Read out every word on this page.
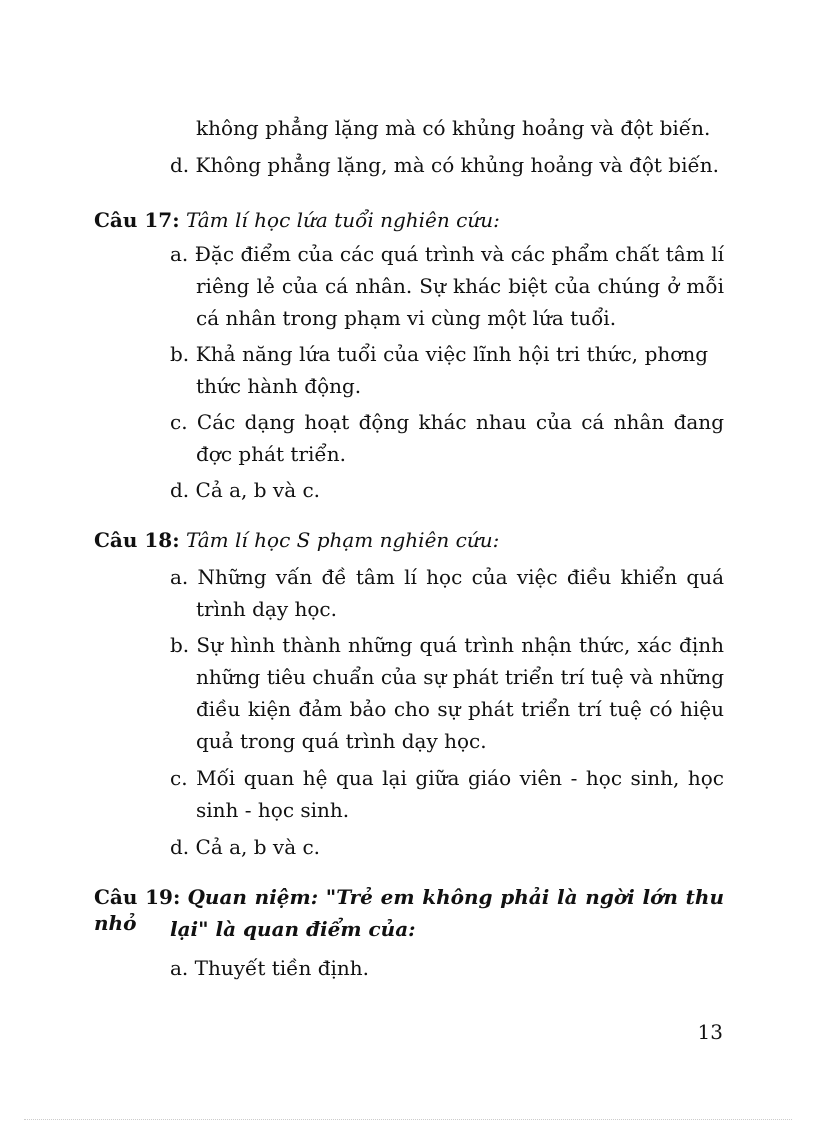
không phẳng lặng mà có khủng hoảng và đột biến.
d. Không phẳng lặng, mà có khủng hoảng và đột biến.
Câu 17: Tâm lí học lứa tuổi nghiên cứu:
a. Đặc điểm của các quá trình và các phẩm chất tâm lí
riêng lẻ của cá nhân. Sự khác biệt của chúng ở mỗi
cá nhân trong phạm vi cùng một lứa tuổi.
b. Khả năng lứa tuổi của việc lĩnh hội tri thức, phơng
thức hành động.
c. Các dạng hoạt động khác nhau của cá nhân đang
đợc phát triển.
d. Cả a, b và c.
Câu 18: Tâm lí học S phạm nghiên cứu:
a. Những vấn đề tâm lí học của việc điều khiển quá
trình dạy học.
b. Sự hình thành những quá trình nhận thức, xác định
những tiêu chuẩn của sự phát triển trí tuệ và những
điều kiện đảm bảo cho sự phát triển trí tuệ có hiệu
quả trong quá trình dạy học.
c. Mối quan hệ qua lại giữa giáo viên - học sinh, học
sinh - học sinh.
d. Cả a, b và c.
Câu 19: Quan niệm: "Trẻ em không phải là ngời lớn thu nhỏ	lại" là quan điểm của:
a. Thuyết tiền định.
13
